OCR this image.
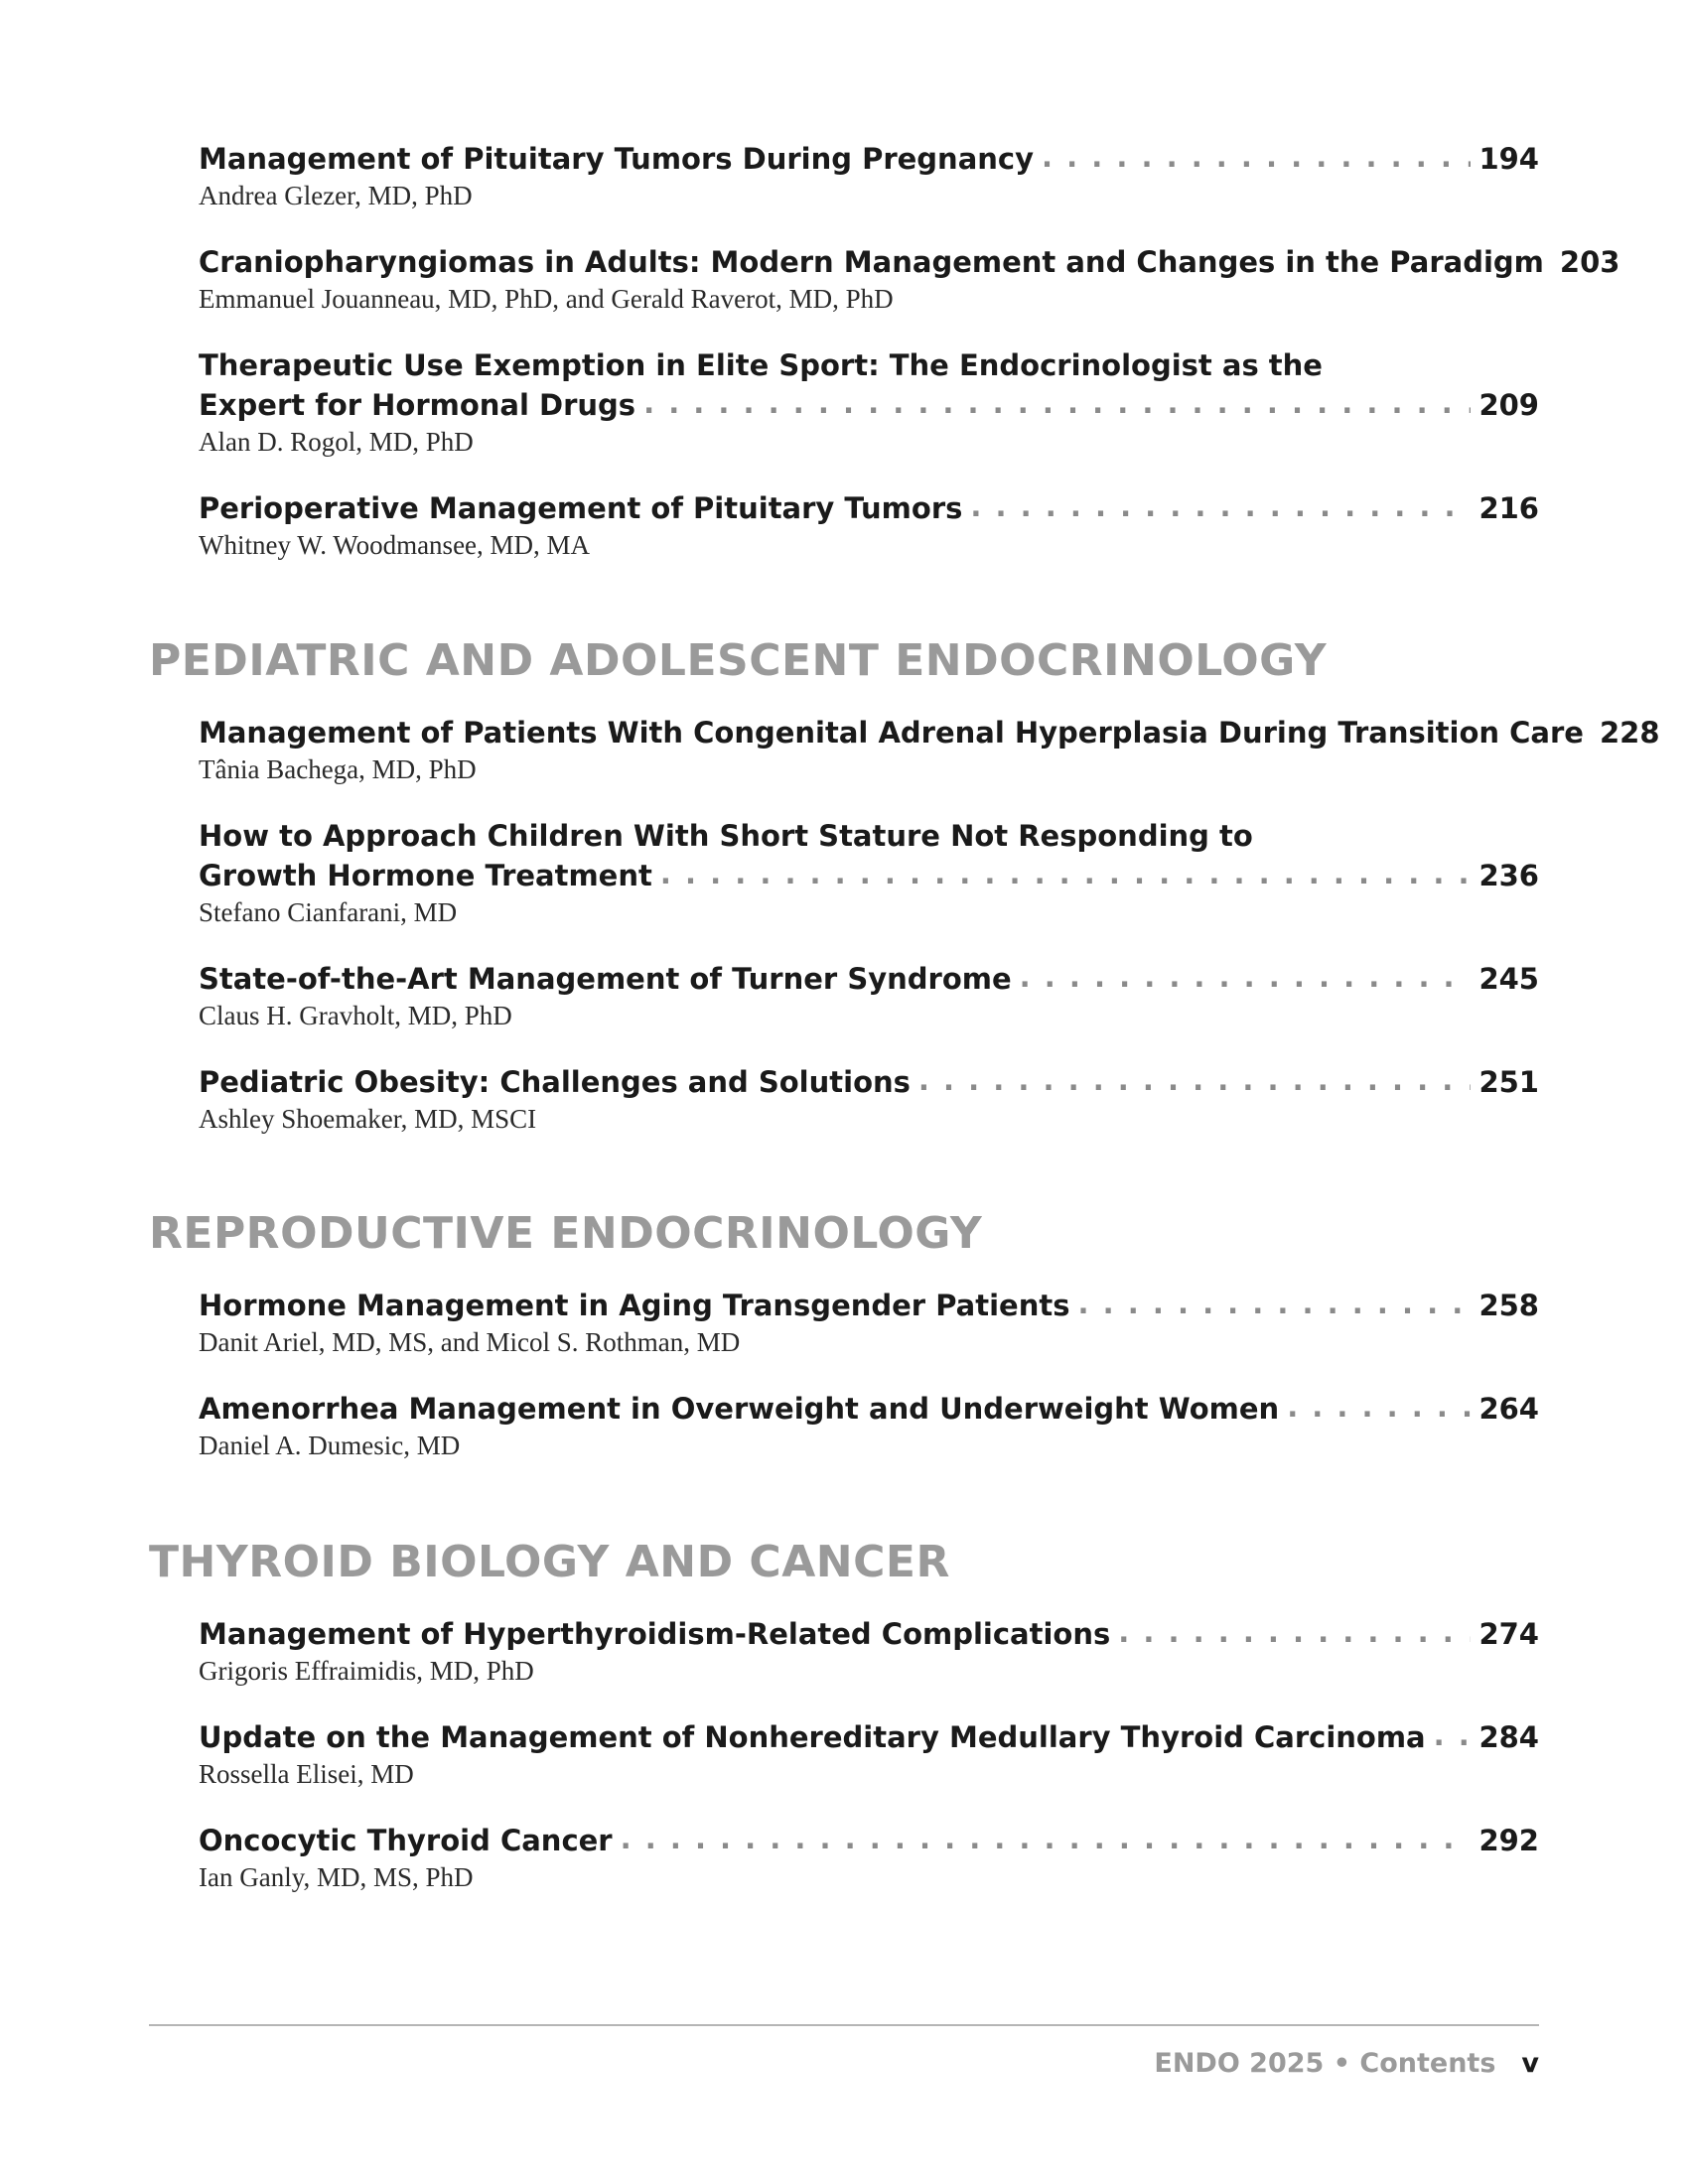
Management of Pituitary Tumors During Pregnancy . . .	194
Andrea Glezer, MD, PhD
Craniopharyngiomas in Adults: Modern Management and Changes in the Paradigm 203
Emmanuel Jouanneau, MD, PhD, and Gerald Raverot, MD, PhD
Therapeutic Use Exemption in Elite Sport: The Endocrinologist as the
Expert for Hormonal Drugs . . .	209
Alan D. Rogol, MD, PhD
Perioperative Management of Pituitary Tumors . . .	216
Whitney W. Woodmansee, MD, MA
PEDIATRIC AND ADOLESCENT ENDOCRINOLOGY
Management of Patients With Congenital Adrenal Hyperplasia During Transition Care 228
Tânia Bachega, MD, PhD
How to Approach Children With Short Stature Not Responding to
Growth Hormone Treatment . . .	236
Stefano Cianfarani, MD
State-of-the-Art Management of Turner Syndrome . . .	245
Claus H. Gravholt, MD, PhD
Pediatric Obesity: Challenges and Solutions . . .	251
Ashley Shoemaker, MD, MSCI
REPRODUCTIVE ENDOCRINOLOGY
Hormone Management in Aging Transgender Patients . . .	258
Danit Ariel, MD, MS, and Micol S. Rothman, MD
Amenorrhea Management in Overweight and Underweight Women . . .	264
Daniel A. Dumesic, MD
THYROID BIOLOGY AND CANCER
Management of Hyperthyroidism-Related Complications . . .	274
Grigoris Effraimidis, MD, PhD
Update on the Management of Nonhereditary Medullary Thyroid Carcinoma . . . 284
Rossella Elisei, MD
Oncocytic Thyroid Cancer . . .	292
Ian Ganly, MD, MS, PhD
ENDO 2025 • Contents v
